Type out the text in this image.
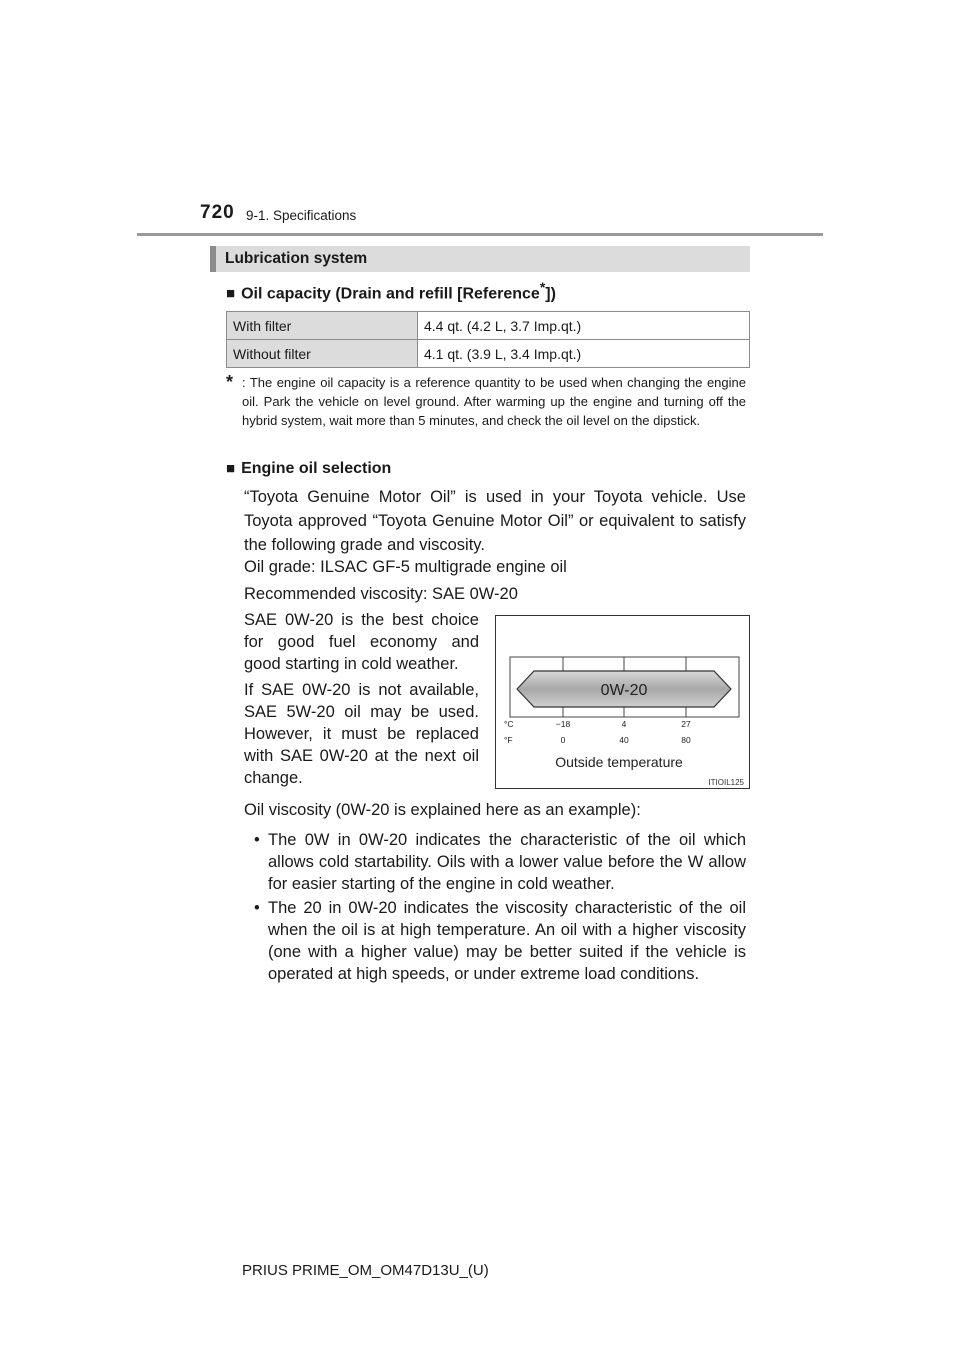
720 9-1. Specifications
Lubrication system
■ Oil capacity (Drain and refill [Reference*])
With filter	4.4 qt. (4.2 L, 3.7 Imp.qt.)
Without filter	4.1 qt. (3.9 L, 3.4 Imp.qt.)
* : The engine oil capacity is a reference quantity to be used when changing the engine oil. Park the vehicle on level ground. After warming up the engine and turning off the hybrid system, wait more than 5 minutes, and check the oil level on the dipstick.
■ Engine oil selection
“Toyota Genuine Motor Oil” is used in your Toyota vehicle. Use Toyota approved “Toyota Genuine Motor Oil” or equivalent to satisfy the following grade and viscosity.
Oil grade: ILSAC GF-5 multigrade engine oil
Recommended viscosity: SAE 0W-20
SAE 0W-20 is the best choice for good fuel economy and good starting in cold weather.
If SAE 0W-20 is not available, SAE 5W-20 oil may be used. However, it must be replaced with SAE 0W-20 at the next oil change.
Oil viscosity (0W-20 is explained here as an example):
• The 0W in 0W-20 indicates the characteristic of the oil which allows cold startability. Oils with a lower value before the W allow for easier starting of the engine in cold weather.
• The 20 in 0W-20 indicates the viscosity characteristic of the oil when the oil is at high temperature. An oil with a higher viscosity (one with a higher value) may be better suited if the vehicle is operated at high speeds, or under extreme load conditions.
0W-20
°C
°F
−18	4	27
0	40	80
Outside temperature
ITIOIL125
PRIUS PRIME_OM_OM47D13U_(U)
